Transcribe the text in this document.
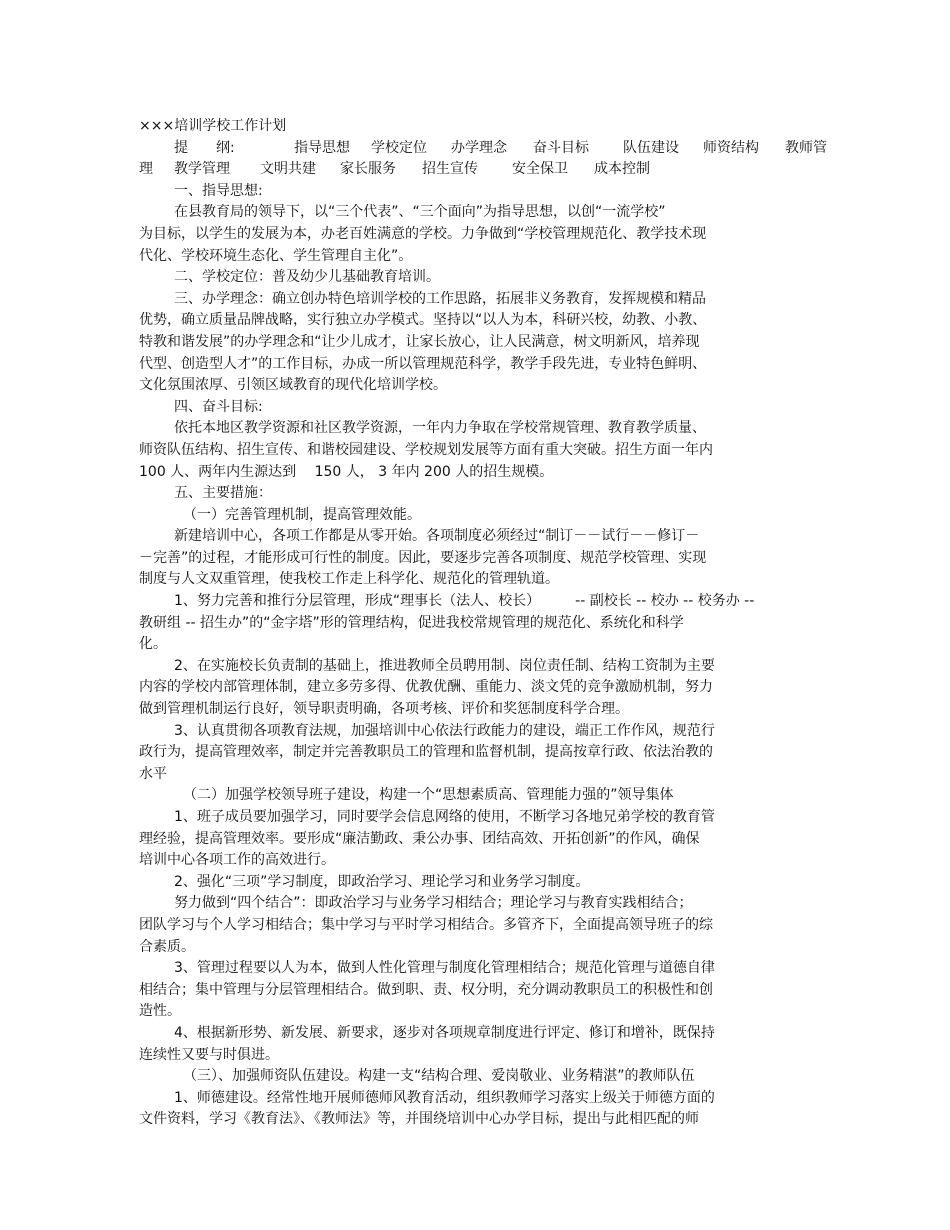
×××培训学校工作计划
提　　纲:	指导思想 学校定位 办学理念 奋斗目标 队伍建设 师资结构 教师管
理 教学管理 文明共建 家长服务 招生宣传 安全保卫 成本控制
一、指导思想:
在县教育局的领导下，以“三个代表”、“三个面向”为指导思想，以创“一流学校”
为目标，以学生的发展为本，办老百姓满意的学校。力争做到“学校管理规范化、教学技术现
代化、学校环境生态化、学生管理自主化”。
二、学校定位：普及幼少儿基础教育培训。
三、办学理念：确立创办特色培训学校的工作思路，拓展非义务教育，发挥规模和精品
优势，确立质量品牌战略，实行独立办学模式。坚持以“以人为本，科研兴校，幼教、小教、
特教和谐发展”的办学理念和“让少儿成才，让家长放心，让人民满意，树文明新风，培养现
代型、创造型人才”的工作目标，办成一所以管理规范科学，教学手段先进，专业特色鲜明、
文化氛围浓厚、引领区域教育的现代化培训学校。
四、奋斗目标:
依托本地区教学资源和社区教学资源，一年内力争取在学校常规管理、教育教学质量、
师资队伍结构、招生宣传、和谐校园建设、学校规划发展等方面有重大突破。招生方面一年内
100 人、两年内生源达到　 150 人， 3 年内 200 人的招生规模。
五、主要措施：
（一）完善管理机制，提高管理效能。
新建培训中心，各项工作都是从零开始。各项制度必须经过“制订－－试行－－修订－
－完善”的过程，才能形成可行性的制度。因此，要逐步完善各项制度、规范学校管理、实现
制度与人文双重管理，使我校工作走上科学化、规范化的管理轨道。
1、努力完善和推行分层管理，形成“理事长（法人、校长）　　　-- 副校长 -- 校办 -- 校务办 --
教研组 -- 招生办”的“金字塔”形的管理结构，促进我校常规管理的规范化、系统化和科学
化。
2、在实施校长负责制的基础上，推进教师全员聘用制、岗位责任制、结构工资制为主要
内容的学校内部管理体制，建立多劳多得、优教优酬、重能力、淡文凭的竞争激励机制，努力
做到管理机制运行良好，领导职责明确，各项考核、评价和奖惩制度科学合理。
3、认真贯彻各项教育法规，加强培训中心依法行政能力的建设，端正工作作风，规范行
政行为，提高管理效率，制定并完善教职员工的管理和监督机制，提高按章行政、依法治教的
水平
（二）加强学校领导班子建设，构建一个“思想素质高、管理能力强的”领导集体
1、班子成员要加强学习，同时要学会信息网络的使用，不断学习各地兄弟学校的教育管
理经验，提高管理效率。要形成“廉洁勤政、秉公办事、团结高效、开拓创新”的作风，确保
培训中心各项工作的高效进行。
2、强化“三项”学习制度，即政治学习、理论学习和业务学习制度。
努力做到“四个结合”：即政治学习与业务学习相结合；理论学习与教育实践相结合；
团队学习与个人学习相结合；集中学习与平时学习相结合。多管齐下，全面提高领导班子的综
合素质。
3、管理过程要以人为本，做到人性化管理与制度化管理相结合；规范化管理与道德自律
相结合；集中管理与分层管理相结合。做到职、责、权分明，充分调动教职员工的积极性和创
造性。
4、根据新形势、新发展、新要求，逐步对各项规章制度进行评定、修订和增补，既保持
连续性又要与时俱进。
（三）、加强师资队伍建设。构建一支“结构合理、爱岗敬业、业务精湛”的教师队伍
1、师德建设。经常性地开展师德师风教育活动，组织教师学习落实上级关于师德方面的
文件资料，学习《教育法》、《教师法》等，并围绕培训中心办学目标，提出与此相匹配的师
